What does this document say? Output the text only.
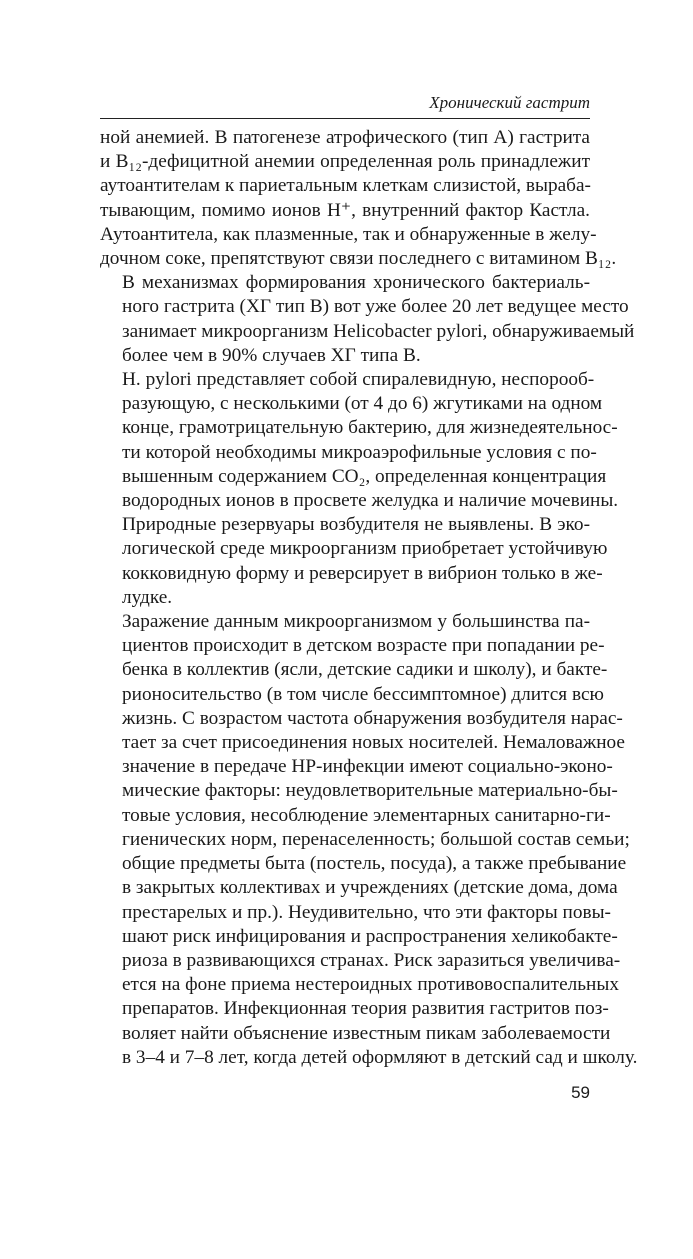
Хронический гастрит

ной анемией. В патогенезе атрофического (тип А) гастрита
и B₁₂-дефицитной анемии определенная роль принадлежит
аутоантителам к париетальным клеткам слизистой, выраба-
тывающим, помимо ионов H⁺, внутренний фактор Кастла.
Аутоантитела, как плазменные, так и обнаруженные в желу-
дочном соке, препятствуют связи последнего с витамином B₁₂.

В механизмах формирования хронического бактериаль-
ного гастрита (ХГ тип В) вот уже более 20 лет ведущее место
занимает микроорганизм Helicobacter pylori, обнаруживаемый
более чем в 90% случаев ХГ типа В.

H. pylori представляет собой спиралевидную, неспорооб-
разующую, с несколькими (от 4 до 6) жгутиками на одном
конце, грамотрицательную бактерию, для жизнедеятельнос-
ти которой необходимы микроаэрофильные условия с по-
вышенным содержанием CO₂, определенная концентрация
водородных ионов в просвете желудка и наличие мочевины.
Природные резервуары возбудителя не выявлены. В эко-
логической среде микроорганизм приобретает устойчивую
кокковидную форму и реверсирует в вибрион только в же-
лудке.

Заражение данным микроорганизмом у большинства па-
циентов происходит в детском возрасте при попадании ре-
бенка в коллектив (ясли, детские садики и школу), и бакте-
рионосительство (в том числе бессимптомное) длится всю
жизнь. С возрастом частота обнаружения возбудителя нарас-
тает за счет присоединения новых носителей. Немаловажное
значение в передаче HP-инфекции имеют социально-эконо-
мические факторы: неудовлетворительные материально-бы-
товые условия, несоблюдение элементарных санитарно-ги-
гиенических норм, перенаселенность; большой состав семьи;
общие предметы быта (постель, посуда), а также пребывание
в закрытых коллективах и учреждениях (детские дома, дома
престарелых и пр.). Неудивительно, что эти факторы повы-
шают риск инфицирования и распространения хеликобакте-
риоза в развивающихся странах. Риск заразиться увеличива-
ется на фоне приема нестероидных противовоспалительных
препаратов. Инфекционная теория развития гастритов поз-
воляет найти объяснение известным пикам заболеваемости
в 3–4 и 7–8 лет, когда детей оформляют в детский сад и школу.

59
